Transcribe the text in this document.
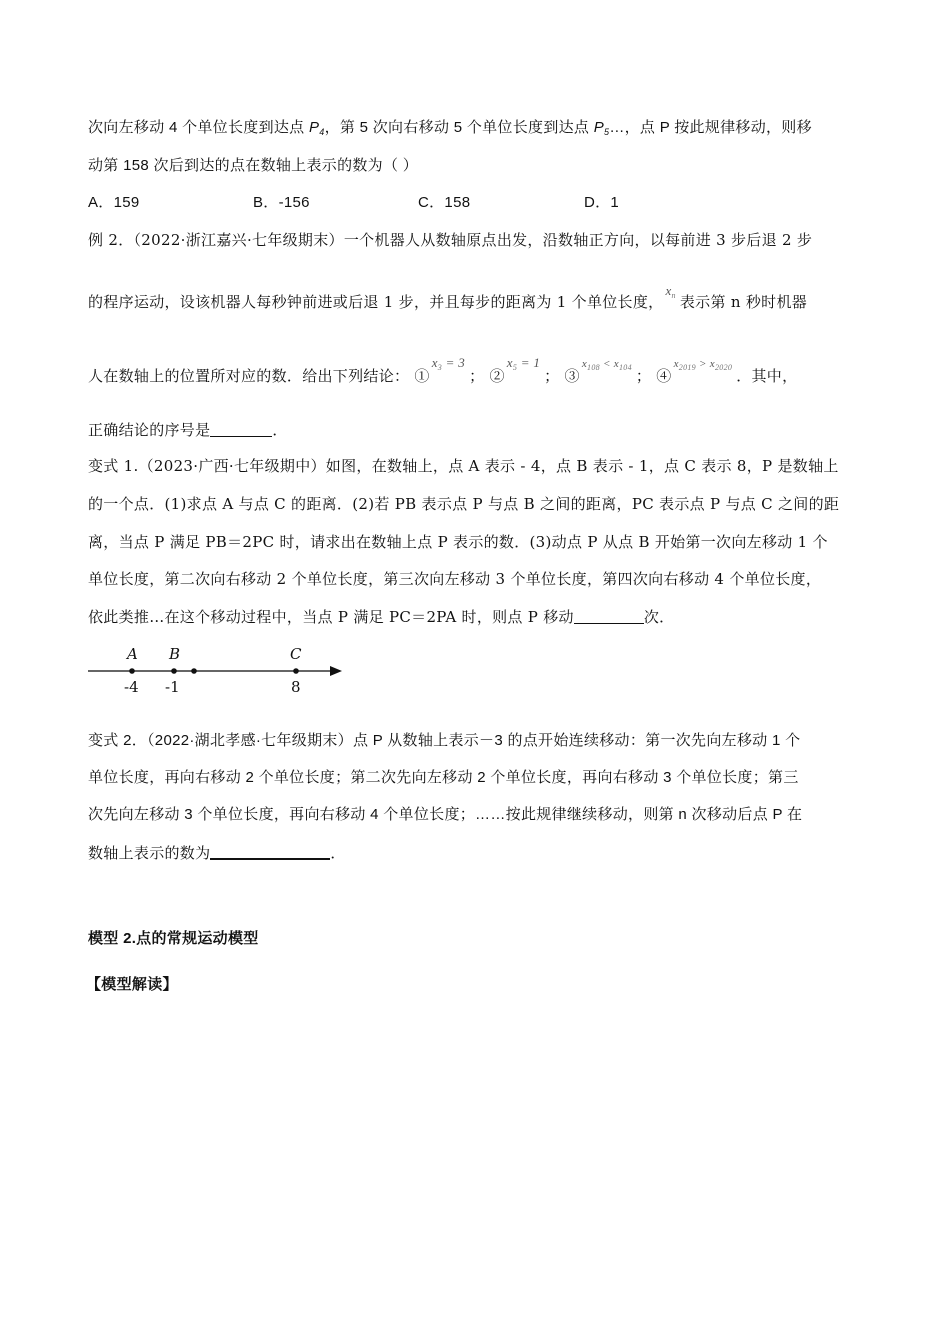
次向左移动 4 个单位长度到达点 $P_4$，第 5 次向右移动 5 个单位长度到达点 $P_5\dots$，点 P 按此规律移动，则移
动第 158 次后到达的点在数轴上表示的数为（ ）
A．159	B．-156	C．158	D．1
例 2．（2022·浙江嘉兴·七年级期末）一个机器人从数轴原点出发，沿数轴正方向，以每前进 3 步后退 2 步
的程序运动，设该机器人每秒钟前进或后退 1 步，并且每步的距离为 1 个单位长度，$x_n$ 表示第 n 秒时机器
人在数轴上的位置所对应的数．给出下列结论： $①x_3 = 3$； $②x_5 = 1$； $③x_{108} < x_{104}$ ； $④x_{2019} > x_{2020}$ ．其中，
正确结论的序号是	．
变式 1.（2023·广西·七年级期中）如图，在数轴上，点 A 表示 - 4，点 B 表示 - 1，点 C 表示 8，P 是数轴上
的一个点．(1)求点 A 与点 C 的距离．(2)若 PB 表示点 P 与点 B 之间的距离，PC 表示点 P 与点 C 之间的距
离，当点 P 满足 PB＝2PC 时，请求出在数轴上点 P 表示的数．(3)动点 P 从点 B 开始第一次向左移动 1 个
单位长度，第二次向右移动 2 个单位长度，第三次向左移动 3 个单位长度，第四次向右移动 4 个单位长度，
依此类推…在这个移动过程中，当点 P 满足 PC＝2PA 时，则点 P 移动	次．
A B	C
-4 -1	8
变式 2．（2022·湖北孝感·七年级期末）点 P 从数轴上表示－3 的点开始连续移动：第一次先向左移动 1 个
单位长度，再向右移动 2 个单位长度；第二次先向左移动 2 个单位长度，再向右移动 3 个单位长度；第三
次先向左移动 3 个单位长度，再向右移动 4 个单位长度；……按此规律继续移动，则第 n 次移动后点 P 在
数轴上表示的数为	．
模型 2.点的常规运动模型
【模型解读】
